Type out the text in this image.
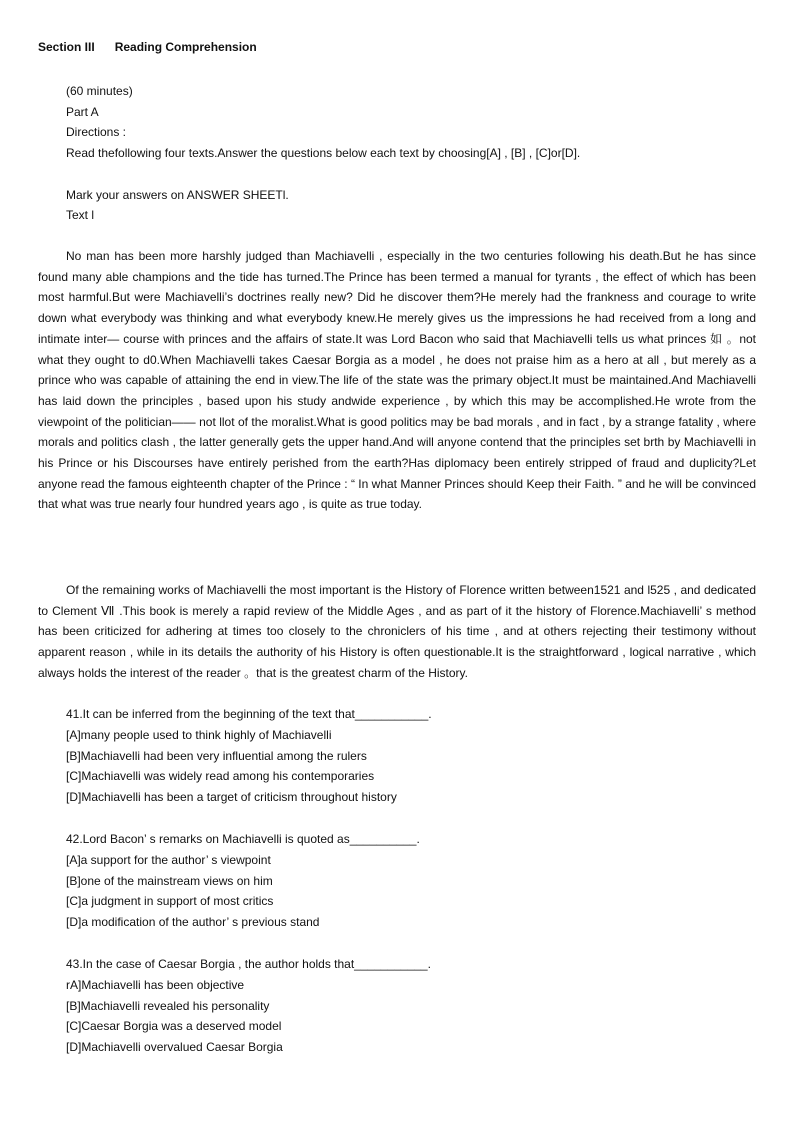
Section III Reading Comprehension
(60 minutes)
Part A
Directions :
Read thefollowing four texts.Answer the questions below each text by choosing[A] , [B] , [C]or[D].
Mark your answers on ANSWER SHEETl.
Text l

No man has been more harshly judged than Machiavelli , especially in the two centuries following his death.But he has since found many able champions and the tide has turned.The Prince has been termed a manual for tyrants , the effect of which has been most harmful.But were Machiavelli’s doctrines really new? Did he discover them?He merely had the frankness and courage to write down what everybody was thinking and what everybody knew.He merely gives us the impressions he had received from a long and intimate inter— course with princes and the affairs of state.It was Lord Bacon who said that Machiavelli tells us what princes 如 。not what they ought to d0.When Machiavelli takes Caesar Borgia as a model , he does not praise him as a hero at all , but merely as a prince who was capable of attaining the end in view.The life of the state was the primary object.It must be maintained.And Machiavelli has laid down the principles , based upon his study andwide experience , by which this may be accomplished.He wrote from the viewpoint of the politician—— not llot of the moralist.What is good politics may be bad morals , and in fact , by a strange fatality , where morals and politics clash , the latter generally gets the upper hand.And will anyone contend that the principles set brth by Machiavelli in his Prince or his Discourses have entirely perished from the earth?Has diplomacy been entirely stripped of fraud and duplicity?Let anyone read the famous eighteenth chapter of the Prince : “ In what Manner Princes should Keep their Faith. ” and he will be convinced that what was true nearly four hundred years ago , is quite as true today.

Of the remaining works of Machiavelli the most important is the History of Florence written between1521 and l525 , and dedicated to Clement Ⅶ .This book is merely a rapid review of the Middle Ages , and as part of it the history of Florence.Machiavelli’ s method has been criticized for adhering at times too closely to the chroniclers of his time , and at others rejecting their testimony without apparent reason , while in its details the authority of his History is often questionable.It is the straightforward , logical narrative , which always holds the interest of the reader 。that is the greatest charm of the History.

41.It can be inferred from the beginning of the text that___________.
[A]many people used to think highly of Machiavelli
[B]Machiavelli had been very influential among the rulers
[C]Machiavelli was widely read among his contemporaries
[D]Machiavelli has been a target of criticism throughout history
42.Lord Bacon’ s remarks on Machiavelli is quoted as__________.
[A]a support for the author’ s viewpoint
[B]one of the mainstream views on him
[C]a judgment in support of most critics
[D]a modification of the author’ s previous stand
43.In the case of Caesar Borgia , the author holds that___________.
rA]Machiavelli has been objective
[B]Machiavelli revealed his personality
[C]Caesar Borgia was a deserved model
[D]Machiavelli overvalued Caesar Borgia
